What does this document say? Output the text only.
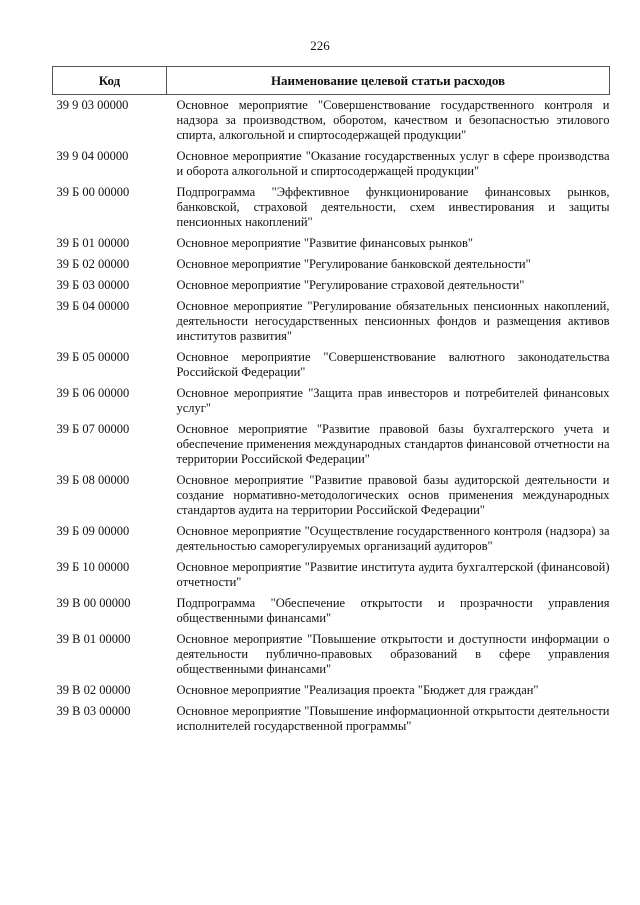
226
Код	Наименование целевой статьи расходов
39 9 03 00000	Основное мероприятие "Совершенствование государственного контроля и надзора за производством, оборотом, качеством и безопасностью этилового спирта, алкогольной и спиртосодержащей продукции"
39 9 04 00000	Основное мероприятие "Оказание государственных услуг в сфере производства и оборота алкогольной и спиртосодержащей продукции"
39 Б 00 00000	Подпрограмма "Эффективное функционирование финансовых рынков, банковской, страховой деятельности, схем инвестирования и защиты пенсионных накоплений"
39 Б 01 00000	Основное мероприятие "Развитие финансовых рынков"
39 Б 02 00000	Основное мероприятие "Регулирование банковской деятельности"
39 Б 03 00000	Основное мероприятие "Регулирование страховой деятельности"
39 Б 04 00000	Основное мероприятие "Регулирование обязательных пенсионных накоплений, деятельности негосударственных пенсионных фондов и размещения активов институтов развития"
39 Б 05 00000	Основное мероприятие "Совершенствование валютного законодательства Российской Федерации"
39 Б 06 00000	Основное мероприятие "Защита прав инвесторов и потребителей финансовых услуг"
39 Б 07 00000	Основное мероприятие "Развитие правовой базы бухгалтерского учета и обеспечение применения международных стандартов финансовой отчетности на территории Российской Федерации"
39 Б 08 00000	Основное мероприятие "Развитие правовой базы аудиторской деятельности и создание нормативно-методологических основ применения международных стандартов аудита на территории Российской Федерации"
39 Б 09 00000	Основное мероприятие "Осуществление государственного контроля (надзора) за деятельностью саморегулируемых организаций аудиторов"
39 Б 10 00000	Основное мероприятие "Развитие института аудита бухгалтерской (финансовой) отчетности"
39 В 00 00000	Подпрограмма "Обеспечение открытости и прозрачности управления общественными финансами"
39 В 01 00000	Основное мероприятие "Повышение открытости и доступности информации о деятельности публично-правовых образований в сфере управления общественными финансами"
39 В 02 00000	Основное мероприятие "Реализация проекта "Бюджет для граждан"
39 В 03 00000	Основное мероприятие "Повышение информационной открытости деятельности исполнителей государственной программы"
